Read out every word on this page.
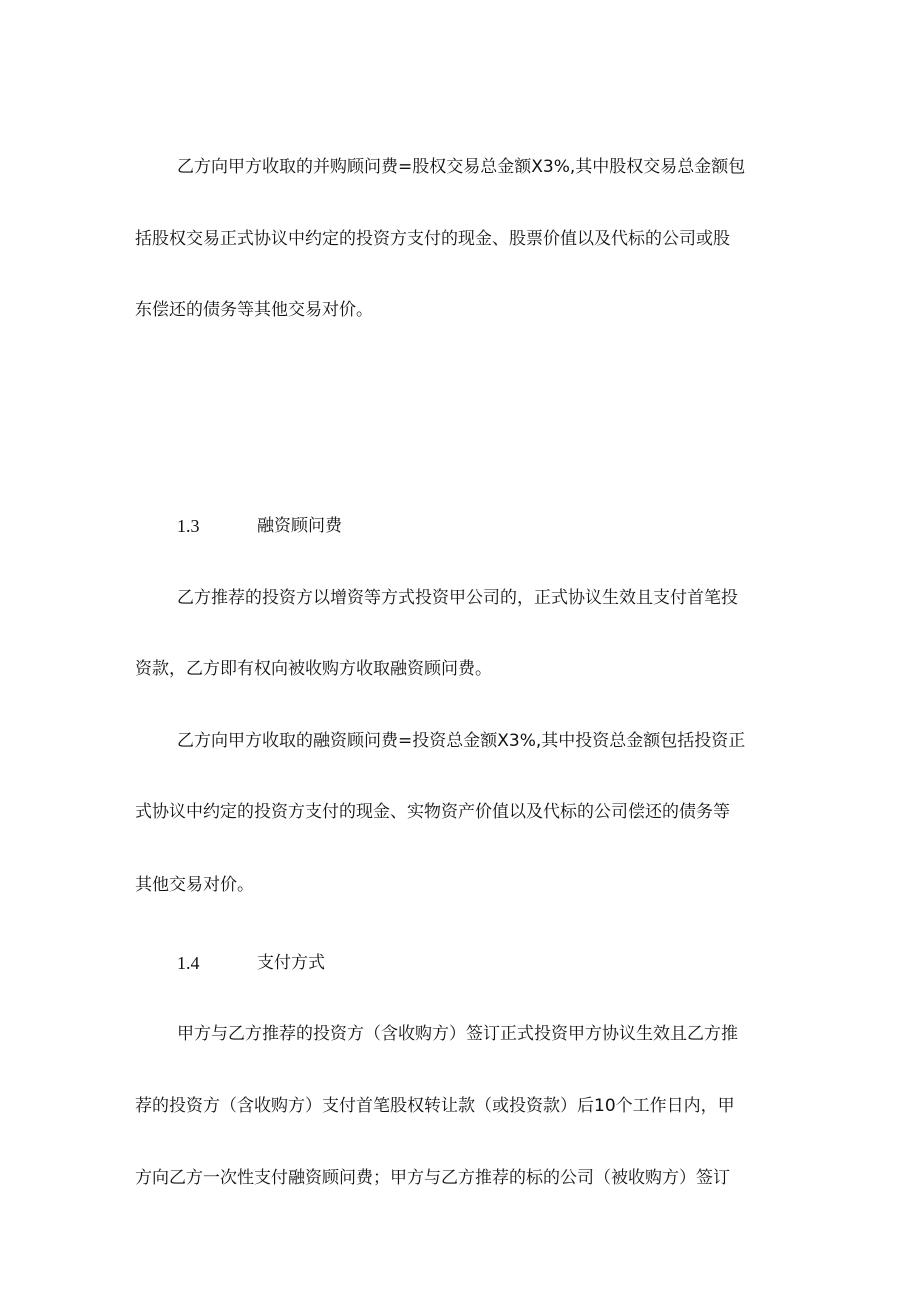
乙方向甲方收取的并购顾问费=股权交易总金额X3%,其中股权交易总金额包
括股权交易正式协议中约定的投资方支付的现金、股票价值以及代标的公司或股
东偿还的债务等其他交易对价。
1.3	融资顾问费
乙方推荐的投资方以增资等方式投资甲公司的，正式协议生效且支付首笔投
资款，乙方即有权向被收购方收取融资顾问费。
乙方向甲方收取的融资顾问费=投资总金额X3%,其中投资总金额包括投资正
式协议中约定的投资方支付的现金、实物资产价值以及代标的公司偿还的债务等
其他交易对价。
1.4	支付方式
甲方与乙方推荐的投资方（含收购方）签订正式投资甲方协议生效且乙方推
荐的投资方（含收购方）支付首笔股权转让款（或投资款）后10个工作日内，甲
方向乙方一次性支付融资顾问费；甲方与乙方推荐的标的公司（被收购方）签订
